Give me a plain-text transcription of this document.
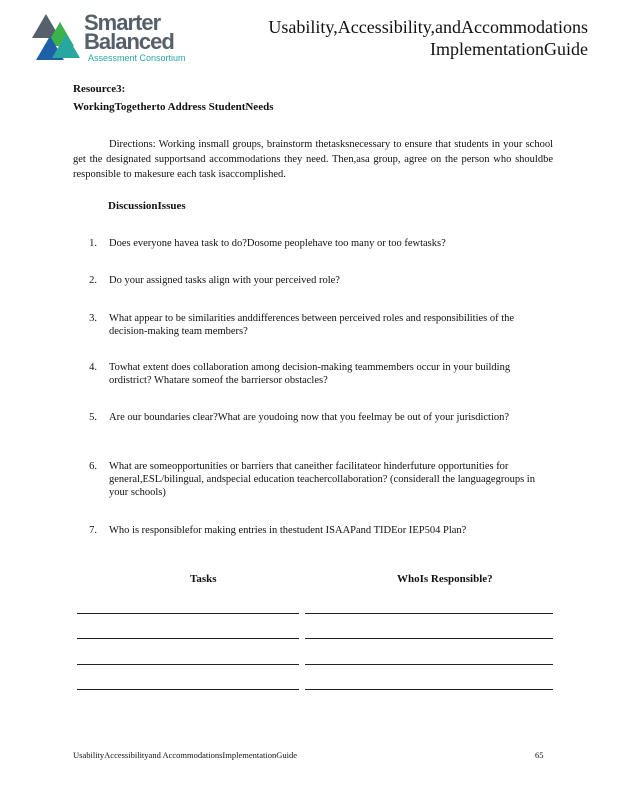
Smarter
Balanced
Assessment Consortium
Usability,Accessibility,andAccommodations
ImplementationGuide
Resource3:
WorkingTogetherto Address StudentNeeds
Directions: Working insmall groups, brainstorm thetasksnecessary to ensure that students in your school get the designated supportsand accommodations they need. Then,asa group, agree on the person who shouldbe responsible to makesure each task isaccomplished.
DiscussionIssues
1.	Does everyone havea task to do?Dosome peoplehave too many or too fewtasks?
2.	Do your assigned tasks align with your perceived role?
3.	What appear to be similarities anddifferences between perceived roles and responsibilities of the decision-making team members?
4.	Towhat extent does collaboration among decision-making teammembers occur in your building ordistrict? Whatare someof the barriersor obstacles?
5.	Are our boundaries clear?What are youdoing now that you feelmay be out of your jurisdiction?
6.	What are someopportunities or barriers that caneither facilitateor hinderfuture opportunities for general,ESL/bilingual, andspecial education teachercollaboration? (considerall the languagegroups in your schools)
7.	Who is responsiblefor making entries in thestudent ISAAPand TIDEor IEP504 Plan?
Tasks	WhoIs Responsible?
UsabilityAccessibilityand AccommodationsImplementationGuide	65
